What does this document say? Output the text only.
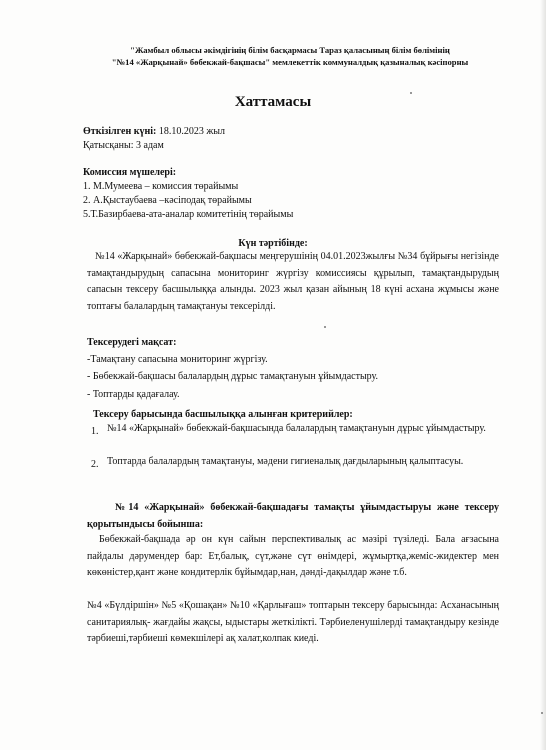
"Жамбыл облысы әкімдігінің білім басқармасы Тараз қаласының білім бөлімінің
"№14 «Жарқынай» бөбекжай-бақшасы" мемлекеттік коммуналдық қазыналық кәсіпорны
Хаттамасы
Өткізілген күні: 18.10.2023 жыл
Қатысқаны: 3 адам
Комиссия мүшелері:
1. М.Мумеева – комиссия төрайымы
2. А.Қыстаубаева –кәсіподақ төрайымы
5.Т.Базирбаева-ата-аналар комитетінің төрайымы
Күн тәртібінде:
№14 «Жарқынай» бөбекжай-бақшасы меңгерушінің 04.01.2023жылғы №34 бұйрығы негізінде тамақтандырудың сапасына мониторинг жүргізу комиссиясы құрылып, тамақтандырудың сапасын тексеру басшылыққа алынды. 2023 жыл қазан айының 18 күні асхана жұмысы және топтағы балалардың тамақтануы тексерілді.
Тексерудегі мақсат:
-Тамақтану сапасына мониторинг жүргізу.
- Бөбекжай-бақшасы балалардың дұрыс тамақтануын ұйымдастыру.
- Топтарды қадағалау.
Тексеру барысында басшылыққа алынған критерийлер:
1. №14 «Жарқынай» бөбекжай-бақшасында балалардың тамақтануын дұрыс ұйымдастыру.
2. Топтарда балалардың тамақтануы, мәдени гигиеналық дағдыларының қалыптасуы.
№14 «Жарқынай» бөбекжай-бақшадағы тамақты ұйымдастыруы және тексеру қорытындысы бойынша:
Бөбекжай-бақшада әр он күн сайын перспективалық ас мәзірі түзіледі. Бала ағзасына пайдалы дәрумендер бар: Ет,балық, сүт,және сүт өнімдері, жұмыртқа,жеміс-жидектер мен көкөністер,қант және кондитерлік бұйымдар,нан, дәнді-дақылдар және т.б.
№4 «Бүлдіршін» №5 «Қошақан» №10 «Қарлығаш» топтарын тексеру барысында: Асханасының санитариялық- жағдайы жақсы, ыдыстары жеткілікті. Тәрбиеленушілерді тамақтандыру кезінде тәрбиеші,тәрбиеші көмекшілері ақ халат,колпак киеді.
